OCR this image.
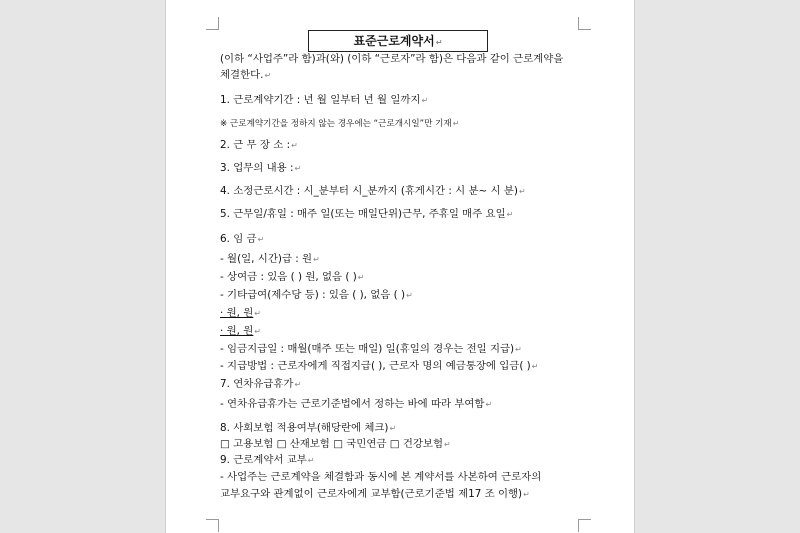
표준근로계약서↵
(이하 “사업주”라 함)과(와) (이하 “근로자”라 함)은 다음과 같이 근로계약을
체결한다.↵
1. 근로계약기간 : 년 월 일부터 년 월 일까지↵
※ 근로계약기간을 정하지 않는 경우에는 “근로개시일”만 기재↵
2. 근 무 장 소 :↵
3. 업무의 내용 :↵
4. 소정근로시간 : 시_분부터 시_분까지 (휴게시간 : 시 분~ 시 분)↵
5. 근무일/휴일 : 매주 일(또는 매일단위)근무, 주휴일 매주 요일↵
6. 임 금↵
- 월(일, 시간)급 : 원↵
- 상여금 : 있음 ( ) 원, 없음 ( )↵
- 기타급여(제수당 등) : 있음 ( ), 없음 ( )↵
· 원, 원↵
· 원, 원↵
- 임금지급일 : 매월(매주 또는 매일) 일(휴일의 경우는 전일 지급)↵
- 지급방법 : 근로자에게 직접지급( ), 근로자 명의 예금통장에 입금( )↵
7. 연차유급휴가↵
- 연차유급휴가는 근로기준법에서 정하는 바에 따라 부여함↵
8. 사회보험 적용여부(해당란에 체크)↵
□ 고용보험 □ 산재보험 □ 국민연금 □ 건강보험↵
9. 근로계약서 교부↵
- 사업주는 근로계약을 체결함과 동시에 본 계약서를 사본하여 근로자의
교부요구와 관계없이 근로자에게 교부함(근로기준법 제17 조 이행)↵
